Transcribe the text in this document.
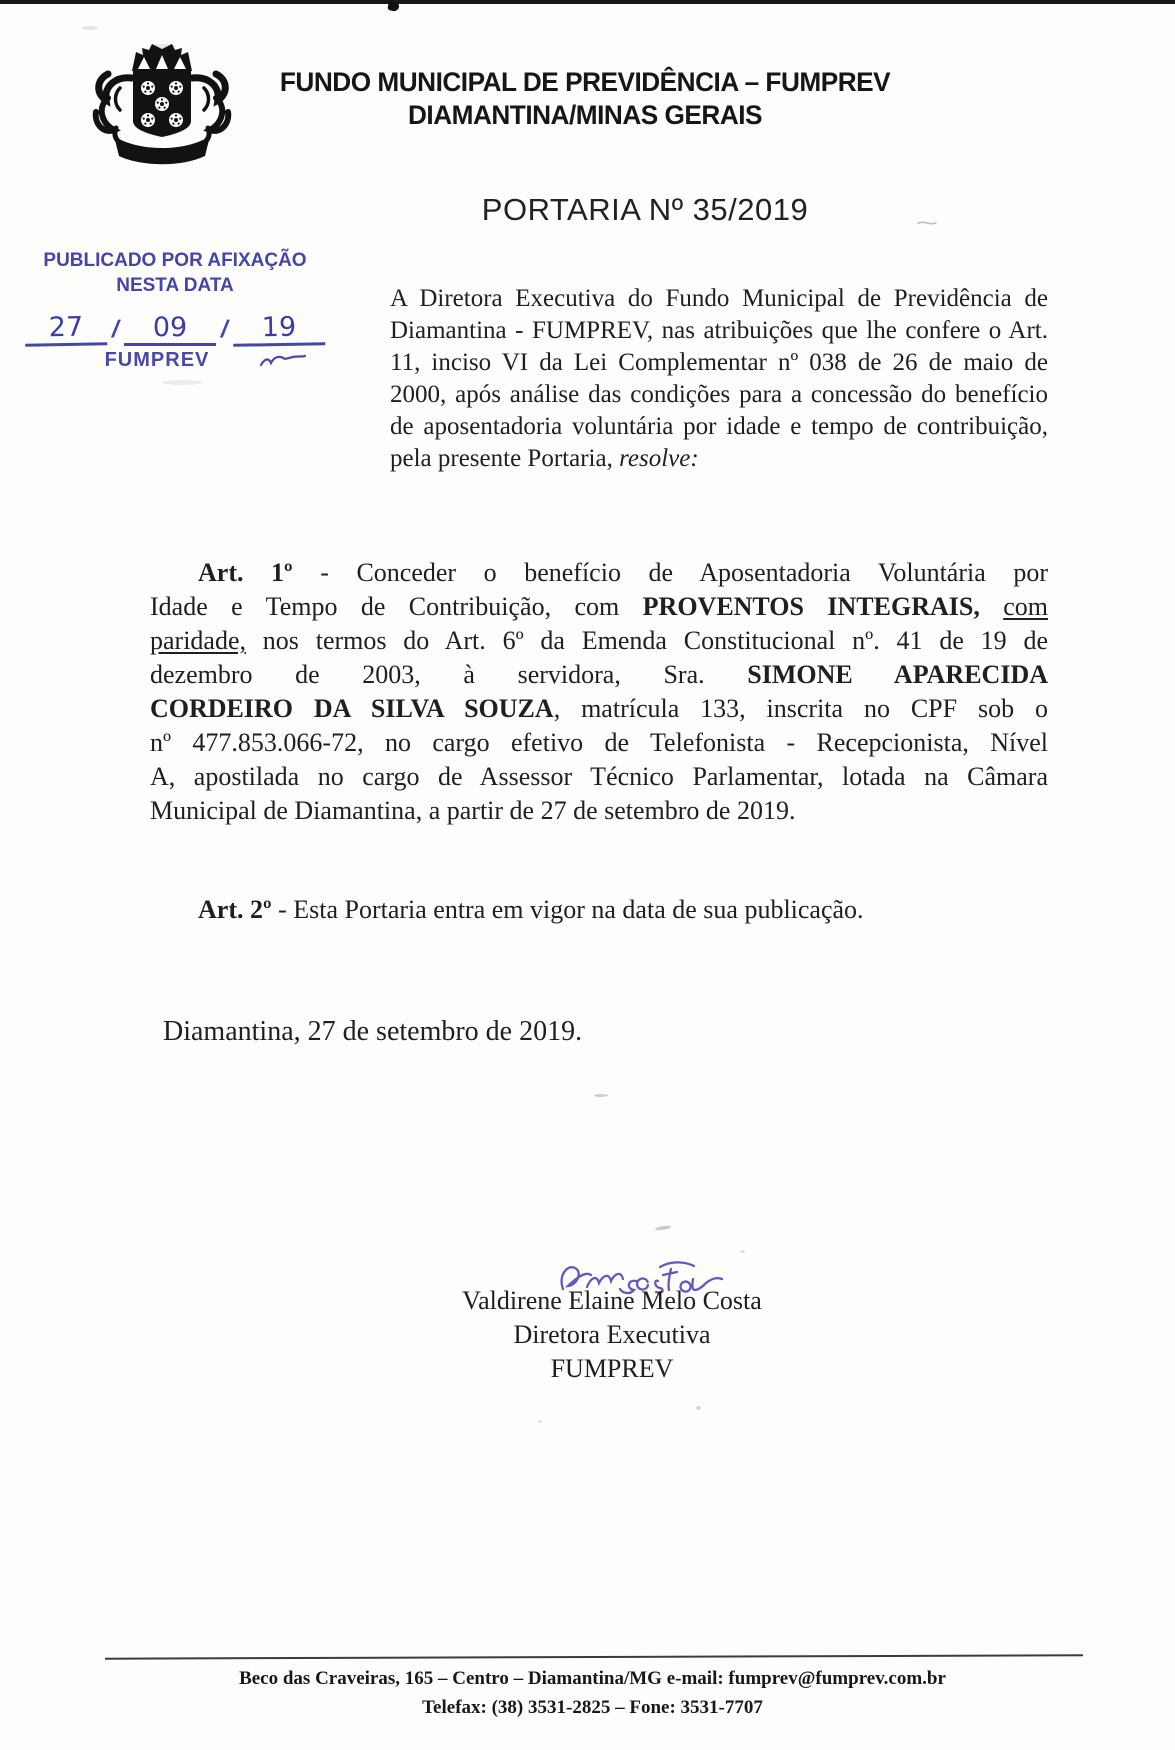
~
FUNDO MUNICIPAL DE PREVIDÊNCIA – FUMPREV
DIAMANTINA/MINAS GERAIS
PORTARIA Nº 35/2019
PUBLICADO POR AFIXAÇÃO
NESTA DATA
27	/	09	/	19
FUMPREV
A Diretora Executiva do Fundo Municipal de Previdência de
Diamantina - FUMPREV, nas atribuições que lhe confere o Art.
11, inciso VI da Lei Complementar nº 038 de 26 de maio de
2000, após análise das condições para a concessão do benefício
de aposentadoria voluntária por idade e tempo de contribuição,
pela presente Portaria, resolve:
Art. 1º - Conceder o benefício de Aposentadoria Voluntária por
Idade e Tempo de Contribuição, com PROVENTOS INTEGRAIS, com
paridade, nos termos do Art. 6º da Emenda Constitucional nº. 41 de 19 de
dezembro de 2003, à servidora, Sra. SIMONE APARECIDA
CORDEIRO DA SILVA SOUZA, matrícula 133, inscrita no CPF sob o
nº 477.853.066-72, no cargo efetivo de Telefonista - Recepcionista, Nível
A, apostilada no cargo de Assessor Técnico Parlamentar, lotada na Câmara
Municipal de Diamantina, a partir de 27 de setembro de 2019.
Art. 2º - Esta Portaria entra em vigor na data de sua publicação.
Diamantina, 27 de setembro de 2019.
Valdirene Elaine Melo Costa
Diretora Executiva
FUMPREV
Beco das Craveiras, 165 – Centro – Diamantina/MG e-mail: fumprev@fumprev.com.br
Telefax: (38) 3531-2825 – Fone: 3531-7707
